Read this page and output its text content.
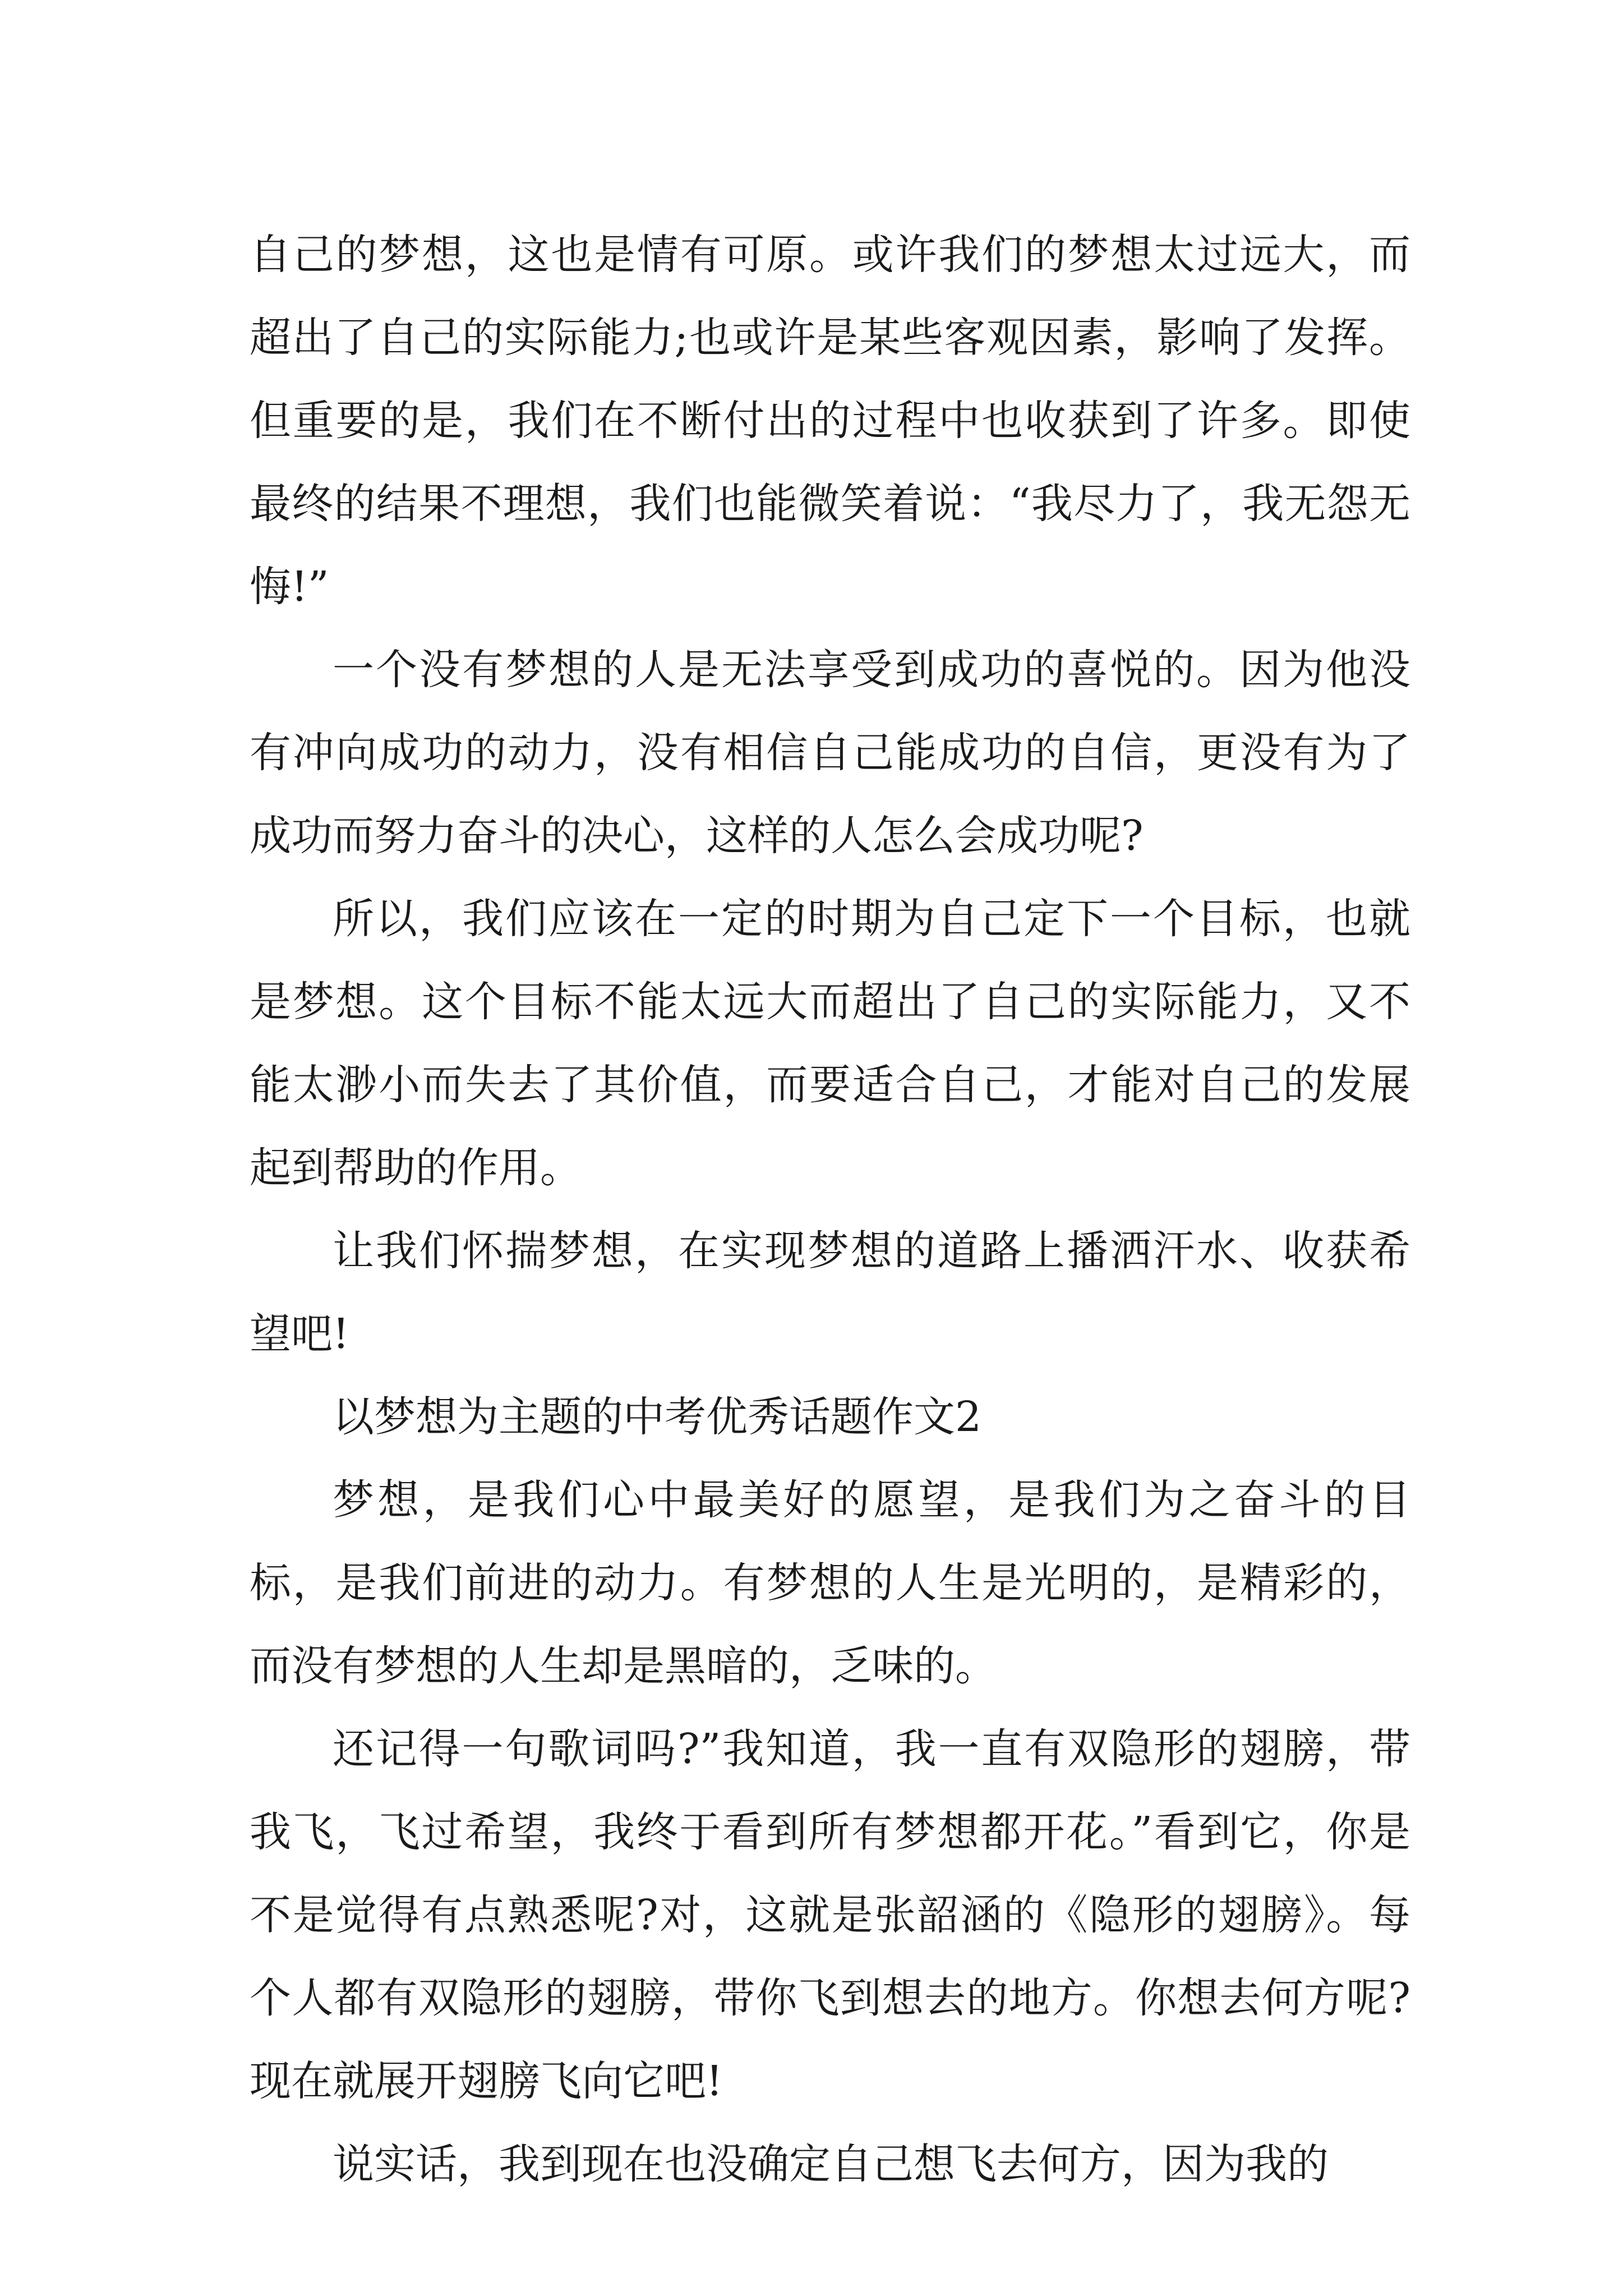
自己的梦想，这也是情有可原。或许我们的梦想太过远大，而超出了自己的实际能力;也或许是某些客观因素，影响了发挥。但重要的是，我们在不断付出的过程中也收获到了许多。即使最终的结果不理想，我们也能微笑着说：“我尽力了，我无怨无悔!”

一个没有梦想的人是无法享受到成功的喜悦的。因为他没有冲向成功的动力，没有相信自己能成功的自信，更没有为了成功而努力奋斗的决心，这样的人怎么会成功呢?

所以，我们应该在一定的时期为自己定下一个目标，也就是梦想。这个目标不能太远大而超出了自己的实际能力，又不能太渺小而失去了其价值，而要适合自己，才能对自己的发展起到帮助的作用。

让我们怀揣梦想，在实现梦想的道路上播洒汗水、收获希望吧!

以梦想为主题的中考优秀话题作文2

梦想，是我们心中最美好的愿望，是我们为之奋斗的目标，是我们前进的动力。有梦想的人生是光明的，是精彩的，而没有梦想的人生却是黑暗的，乏味的。

还记得一句歌词吗?”我知道，我一直有双隐形的翅膀，带我飞，飞过希望，我终于看到所有梦想都开花。”看到它，你是不是觉得有点熟悉呢?对，这就是张韶涵的《隐形的翅膀》。每个人都有双隐形的翅膀，带你飞到想去的地方。你想去何方呢?现在就展开翅膀飞向它吧!

说实话，我到现在也没确定自己想飞去何方，因为我的
